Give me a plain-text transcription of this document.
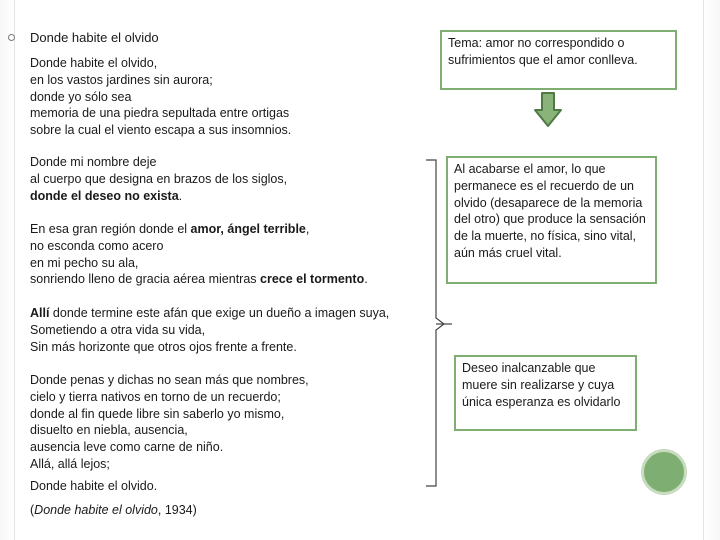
Donde habite el olvido
Donde habite el olvido,
en los vastos jardines sin aurora;
donde yo sólo sea
memoria de una piedra sepultada entre ortigas
sobre la cual el viento escapa a sus insomnios.
Donde mi nombre deje
al cuerpo que designa en brazos de los siglos,
donde el deseo no exista.
En esa gran región donde el amor, ángel terrible,
no esconda como acero
en mi pecho su ala,
sonriendo lleno de gracia aérea mientras crece el tormento.
Allí donde termine este afán que exige un dueño a imagen suya,
Sometiendo a otra vida su vida,
Sin más horizonte que otros ojos frente a frente.
Donde penas y dichas no sean más que nombres,
cielo y tierra nativos en torno de un recuerdo;
donde al fin quede libre sin saberlo yo mismo,
disuelto en niebla, ausencia,
ausencia leve como carne de niño.
Allá, allá lejos;
Donde habite el olvido.
(Donde habite el olvido, 1934)
Tema: amor no correspondido o sufrimientos que el amor conlleva.
Al acabarse el amor, lo que permanece es el recuerdo de un olvido (desaparece de la memoria del otro) que produce la sensación de la muerte, no física, sino vital, aún más cruel vital.
Deseo inalcanzable que muere sin realizarse y cuya única esperanza es olvidarlo
